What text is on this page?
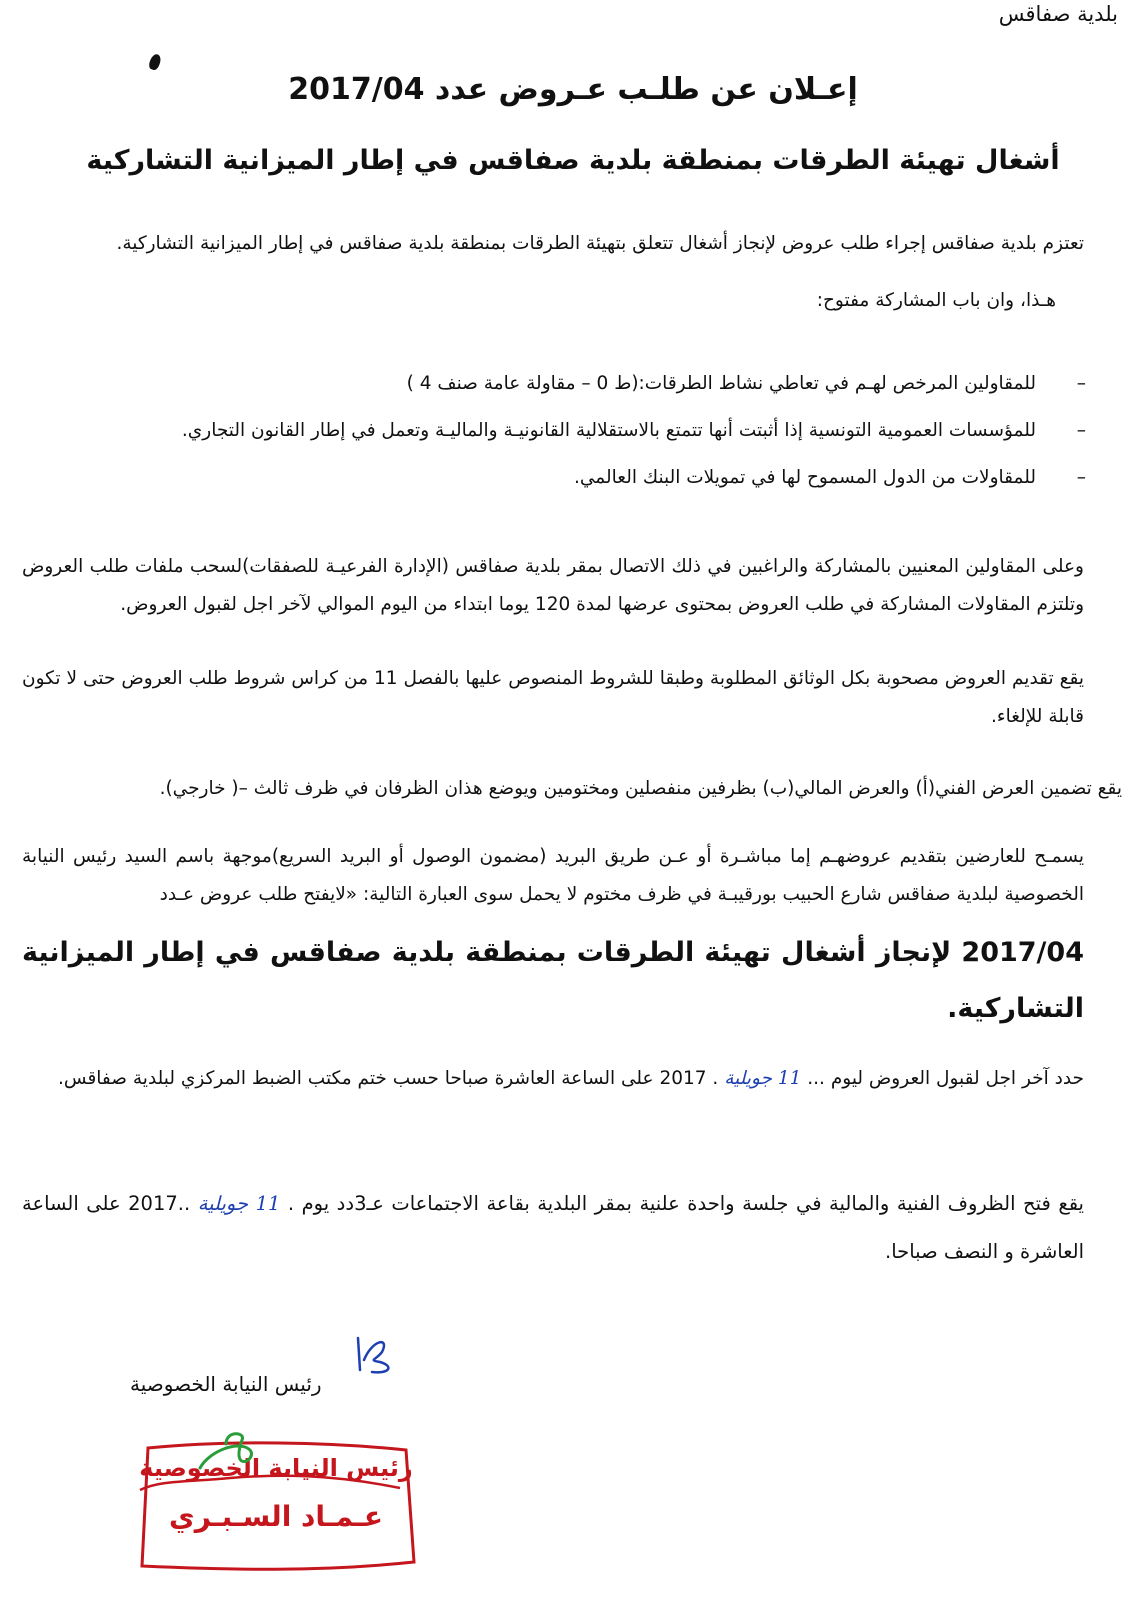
بلدية صفاقس
إعـلان عن طلـب عـروض عدد 2017/04
أشغال تهيئة الطرقات بمنطقة بلدية صفاقس في إطار الميزانية التشاركية
تعتزم بلدية صفاقس إجراء طلب عروض لإنجاز أشغال تتعلق بتهيئة الطرقات بمنطقة بلدية صفاقس في إطار الميزانية التشاركية.
هـذا، وان باب المشاركة مفتوح:
–
للمقاولين المرخص لهـم في تعاطي نشاط الطرقات:(ط 0 – مقاولة عامة صنف 4 )
–
للمؤسسات العمومية التونسية إذا أثبتت أنها تتمتع بالاستقلالية القانونيـة والماليـة وتعمل في إطار القانون التجاري.
–
للمقاولات من الدول المسموح لها في تمويلات البنك العالمي.
وعلى المقاولين المعنيين بالمشاركة والراغبين في ذلك الاتصال بمقر بلدية صفاقس (الإدارة الفرعيـة للصفقات)لسحب ملفات طلب العروض وتلتزم المقاولات المشاركة في طلب العروض بمحتوى عرضها لمدة 120 يوما ابتداء من اليوم الموالي لآخر اجل لقبول العروض.
يقع تقديم العروض مصحوبة بكل الوثائق المطلوبة وطبقا للشروط المنصوص عليها بالفصل 11 من كراس شروط طلب العروض حتى لا تكون قابلة للإلغاء.
يقع تضمين العرض الفني(أ) والعرض المالي(ب) بظرفين منفصلين ومختومين ويوضع هذان الظرفان في ظرف ثالث –( خارجي).
يسمـح للعارضين بتقديم عروضهـم إما مباشـرة أو عـن طريق البريد (مضمون الوصول أو البريد السريع)موجهة باسم السيد رئيس النيابة الخصوصية لبلدية صفاقس شارع الحبيب بورقيبـة في ظرف مختوم لا يحمل سوى العبارة التالية: «لايفتح طلب عروض عـدد
2017/04 لإنجاز أشغال تهيئة الطرقات بمنطقة بلدية صفاقس في إطار الميزانية التشاركية.
حدد آخر اجل لقبول العروض ليوم ... 11 جويلية . 2017 على الساعة العاشرة صباحا حسب ختم مكتب الضبط المركزي لبلدية صفاقس.
يقع فتح الظروف الفنية والمالية في جلسة واحدة علنية بمقر البلدية بقاعة الاجتماعات عـ3دد يوم . 11 جويلية ..2017 على الساعة العاشرة و النصف صباحا.
رئيس النيابة الخصوصية
رئيس النيابة الخصوصية
عـمـاد السـبـري
